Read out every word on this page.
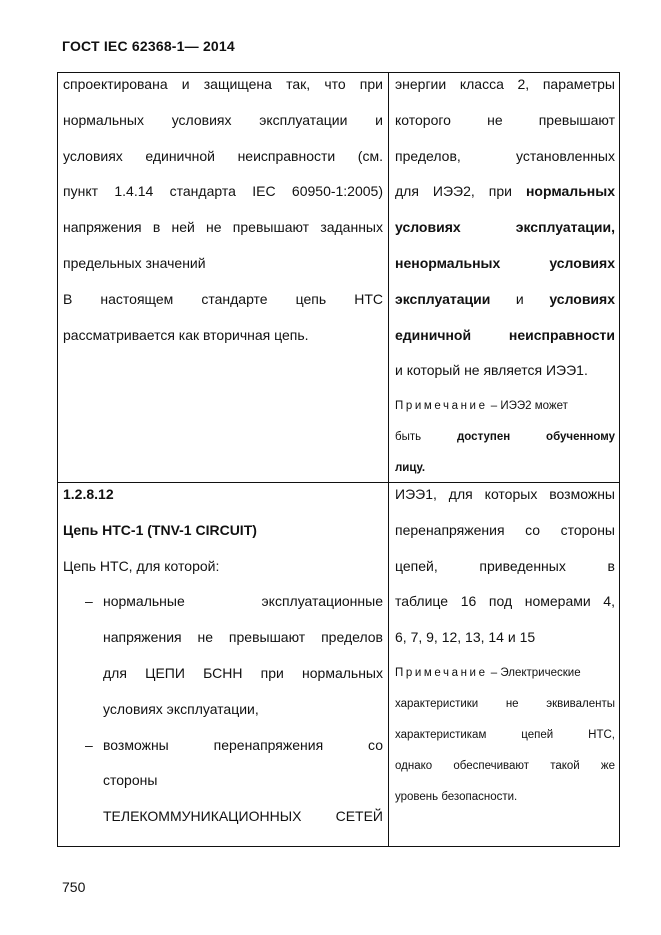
ГОСТ IEC 62368-1— 2014
спроектирована и защищена так, что при
нормальных условиях эксплуатации и
условиях единичной неисправности (см.
пункт 1.4.14 стандарта IEC 60950-1:2005)
напряжения в ней не превышают заданных
предельных значений
В настоящем стандарте цепь НТС
рассматривается как вторичная цепь.
энергии класса 2, параметры
которого не превышают
пределов, установленных
для ИЭЭ2, при нормальных
условиях эксплуатации,
ненормальных условиях
эксплуатации и условиях
единичной неисправности
и который не является ИЭЭ1.
Примечание – ИЭЭ2 может
быть доступен обученному
лицу.
1.2.8.12
Цепь НТС-1 (TNV-1 CIRCUIT)
Цепь НТС, для которой:
– нормальные эксплуатационные
напряжения не превышают пределов
для ЦЕПИ БСНН при нормальных
условиях эксплуатации,
– возможны перенапряжения со
стороны
ТЕЛЕКОММУНИКАЦИОННЫХ СЕТЕЙ
ИЭЭ1, для которых возможны
перенапряжения со стороны
цепей, приведенных в
таблице 16 под номерами 4,
6, 7, 9, 12, 13, 14 и 15
Примечание – Электрические
характеристики не эквиваленты
характеристикам цепей НТС,
однако обеспечивают такой же
уровень безопасности.
750
